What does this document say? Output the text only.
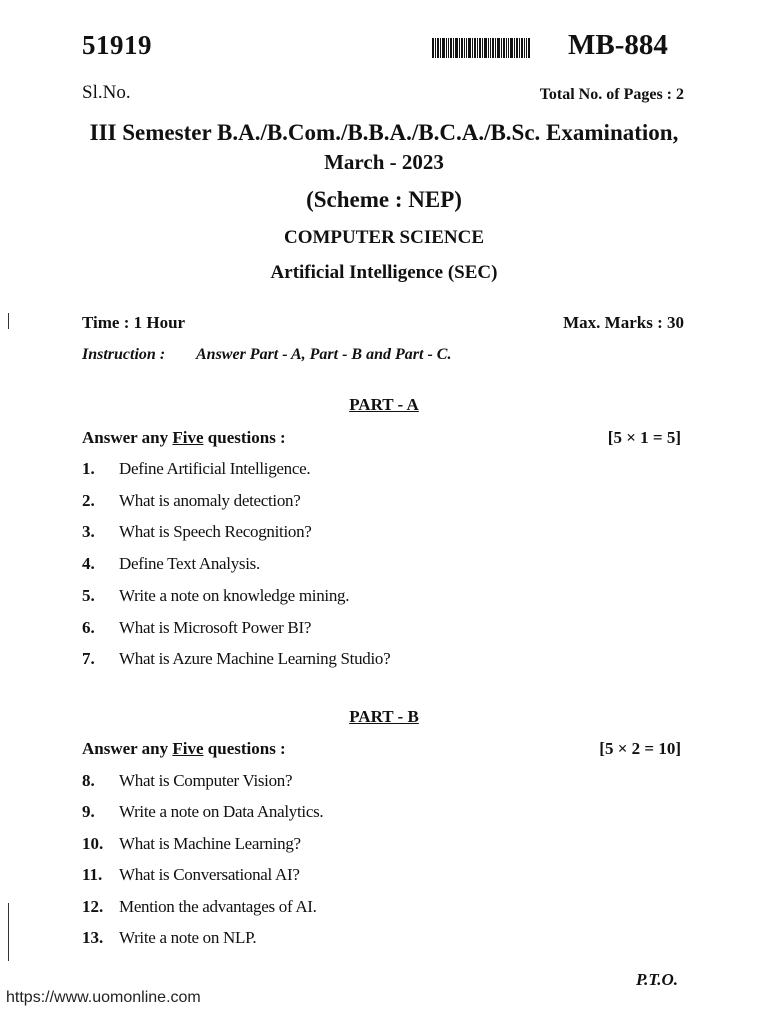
51919	MB-884
Sl.No.	Total No. of Pages : 2
III Semester B.A./B.Com./B.B.A./B.C.A./B.Sc. Examination,
March - 2023
(Scheme : NEP)
COMPUTER SCIENCE
Artificial Intelligence (SEC)
Time : 1 Hour	Max. Marks : 30
Instruction : Answer Part - A, Part - B and Part - C.
PART - A
Answer any Five questions :	[5 × 1 = 5]
1.	Define Artificial Intelligence.
2.	What is anomaly detection?
3.	What is Speech Recognition?
4.	Define Text Analysis.
5.	Write a note on knowledge mining.
6.	What is Microsoft Power BI?
7.	What is Azure Machine Learning Studio?
PART - B
Answer any Five questions :	[5 × 2 = 10]
8.	What is Computer Vision?
9.	Write a note on Data Analytics.
10. What is Machine Learning?
11. What is Conversational AI?
12. Mention the advantages of AI.
13. Write a note on NLP.
P.T.O.
https://www.uomonline.com
